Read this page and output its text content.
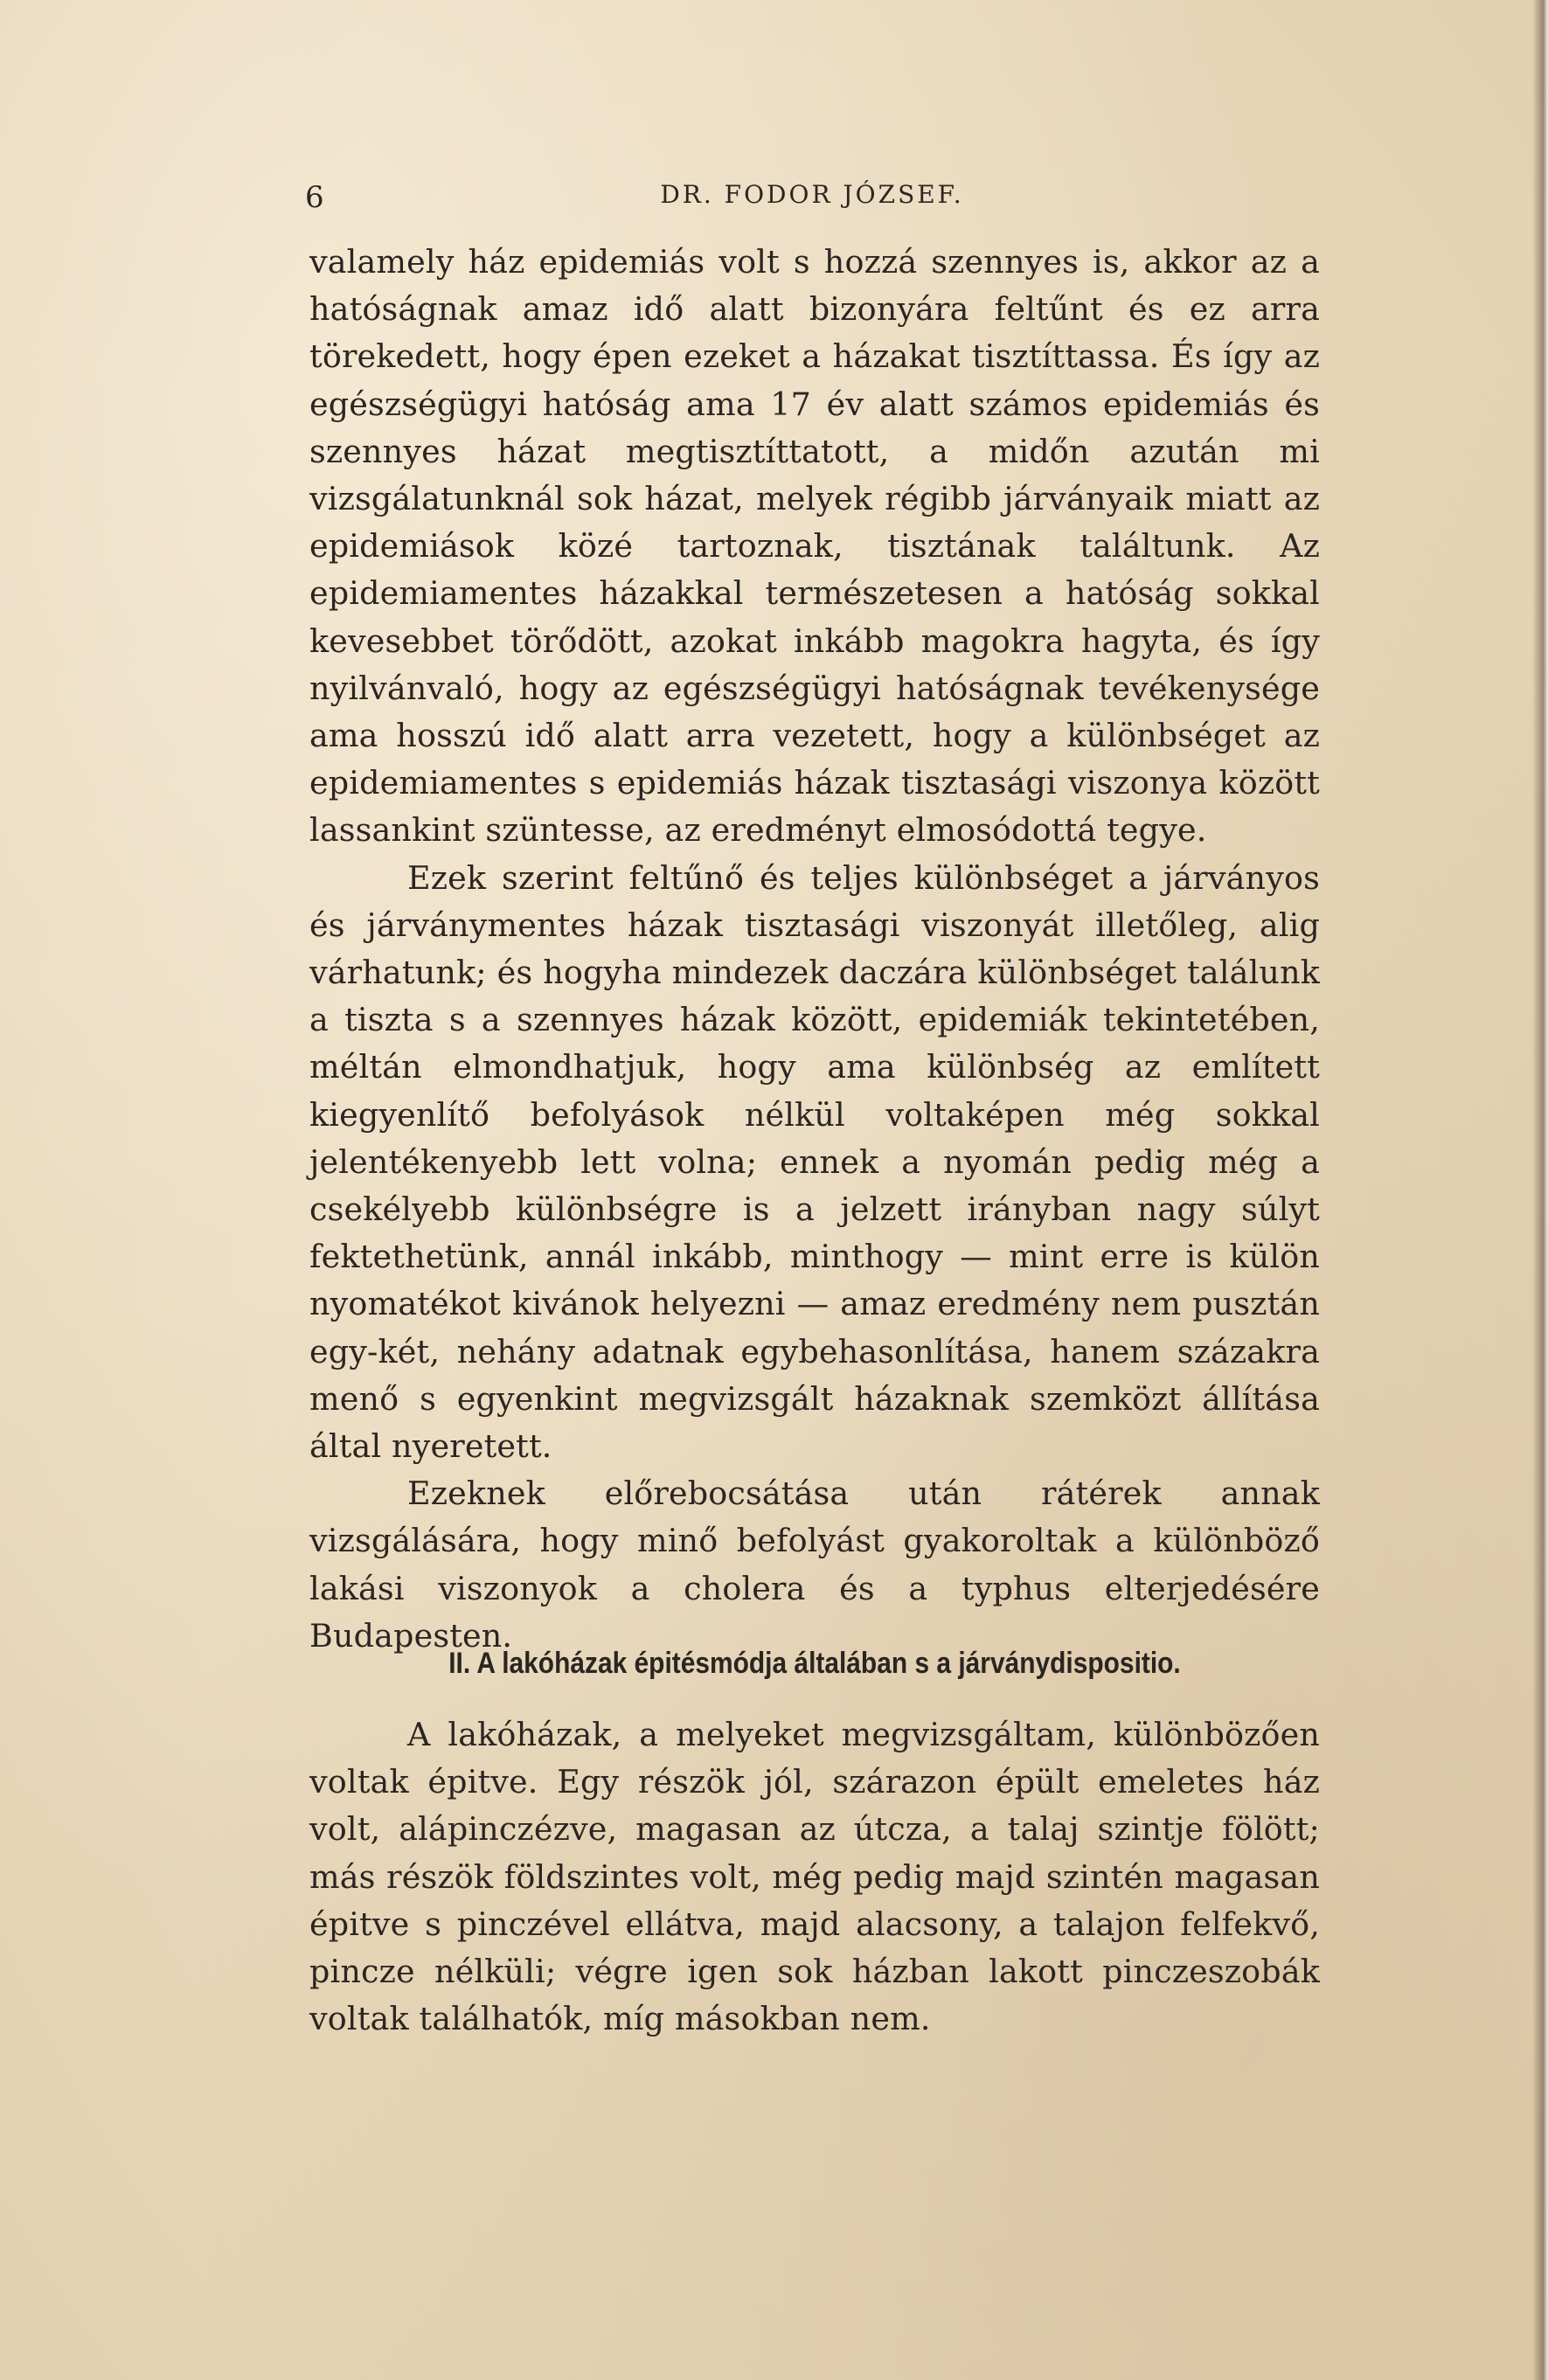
6	DR. FODOR JÓZSEF.

valamely ház epidemiás volt s hozzá szennyes is, akkor az a hatóságnak amaz idő alatt bizonyára feltűnt és ez arra törekedett, hogy épen ezeket a házakat tisztíttassa. És így az egészségügyi hatóság ama 17 év alatt számos epidemiás és szennyes házat megtisztíttatott, a midőn azután mi vizsgálatunknál sok házat, melyek régibb járványaik miatt az epidemiások közé tartoznak, tisztának találtunk. Az epidemiamentes házakkal természetesen a hatóság sokkal kevesebbet törődött, azokat inkább magokra hagyta, és így nyilvánvaló, hogy az egészségügyi hatóságnak tevékenysége ama hosszú idő alatt arra vezetett, hogy a különbséget az epidemiamentes s epidemiás házak tisztasági viszonya között lassankint szüntesse, az eredményt elmosódottá tegye.

Ezek szerint feltűnő és teljes különbséget a járványos és járványmentes házak tisztasági viszonyát illetőleg, alig várhatunk; és hogyha mindezek daczára különbséget találunk a tiszta s a szennyes házak között, epidemiák tekintetében, méltán elmondhatjuk, hogy ama különbség az említett kiegyenlítő befolyások nélkül voltaképen még sokkal jelentékenyebb lett volna; ennek a nyomán pedig még a csekélyebb különbségre is a jelzett irányban nagy súlyt fektethetünk, annál inkább, minthogy — mint erre is külön nyomatékot kivánok helyezni — amaz eredmény nem pusztán egy-két, nehány adatnak egybehasonlítása, hanem százakra menő s egyenkint megvizsgált házaknak szemközt állítása által nyeretett.

Ezeknek előrebocsátása után rátérek annak vizsgálására, hogy minő befolyást gyakoroltak a különböző lakási viszonyok a cholera és a typhus elterjedésére Budapesten.

II. A lakóházak épitésmódja általában s a járványdispositio.

A lakóházak, a melyeket megvizsgáltam, különbözően voltak épitve. Egy részök jól, szárazon épült emeletes ház volt, alápinczézve, magasan az útcza, a talaj szintje fölött; más részök földszintes volt, még pedig majd szintén magasan épitve s pinczével ellátva, majd alacsony, a talajon felfekvő, pincze nélküli; végre igen sok házban lakott pinczeszobák voltak találhatók, míg másokban nem.
